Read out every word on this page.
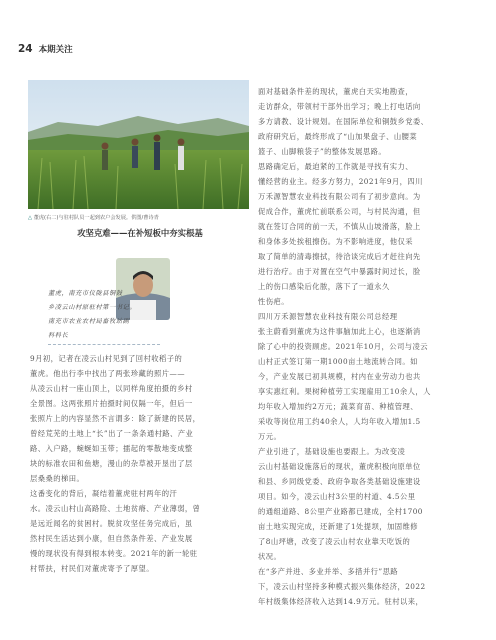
24 本期关注
△ 董虎(右二)与驻村队员一起到农户会发展。供图/曹诗青
攻坚克难——在补短板中夯实根基
董虎，南充市仪陇县铜鼓
乡凌云山村原驻村第一书记。
南充市农业农村局畜牧站副
科科长
9月初，记者在凌云山村见到了回村收稻子的
董虎。他出行李中找出了两张珍藏的照片——
从凌云山村一座山顶上，以同样角度拍摄的乡村
全景图。这两张照片拍摄时间仅隔一年，但后一
张照片上的内容显然不言谓多：除了新建的民居，
曾经荒芜的土地上“长”出了一条条通村路、产业
路、入户路，蜿蜒如玉带；擂起的零散地变成整
块的标准农田和鱼塘，漫山的杂草被开垦出了层
层桑桑的梯田。
这番变化的背后，凝结着董虎驻村两年的汗
水。凌云山村山高路险、土地贫瘠、产业薄弱，曾
是远近闻名的贫困村。脱贫攻坚任务完成后，虽
然村民生活达到小康，但自然条件差、产业发展
慢的现状没有得到根本转变。2021年的新一轮驻
村帮扶，村民们对董虎寄予了厚望。
面对基础条件差的现状，董虎白天实地勘查，
走访群众，带领村干部外出学习；晚上打电话向
多方请教、设计规划。在国际单位和铜鼓乡党委、
政府研究后，最终形成了“山加果盘子、山腰菜
篮子、山脚粮袋子”的整体发展思路。
思路确定后，最迫紧的工作就是寻找有实力、
懂经营的业主。经多方努力，2021年9月，四川
万禾源智慧农业科技有限公司有了初步意向。为
促成合作，董虎忙前联系公司，与村民沟通，但
就在签订合同的前一天，不慎从山坡滑落，脸上
和身体多处挨租擦伤。为不影响进度，他仅采
取了简单的清毒擦拭，待洽谈完成后才赶往向先
进行治疗。由于对置在空气中暴露时间过长，脸
上的伤口感染后化脓，落下了一道永久
性伤疤。
四川万禾源智慧农业科技有限公司总经理
张主蔚看到董虎为这件事脑加此上心，也逐渐消
除了心中的投资顾虑。2021年10月，公司与凌云
山村正式签订第一期1000亩土地流转合同。如
今，产业发展已初具规模，村内在业劳动力也共
享实惠红利。果树种植劳工实现雇用工10余人，人
均年收入增加约2万元；蔬菜育苗、种植管理、
采收等岗位用工约40余人，人均年收入增加1.5
万元。
产业引进了，基础设施也要跟上。为改变凌
云山村基础设施落后的现状，董虎积极向原单位
和县、乡同级党委、政府争取各类基础设施建设
项目。如今，凌云山村3公里的村道、4.5公里
的通组道路、8公里产业路都已建成，全村1700
亩土地实现完成，还新建了1处提坝，加固维修
了8山坪塘，改变了凌云山村农业靠天吃饭的
状况。
在“多产并进、多业并举、多措并行”思路
下，凌云山村坚持多种模式振兴集体经济，2022
年村级集体经济收入达到14.9万元。驻村以来，
